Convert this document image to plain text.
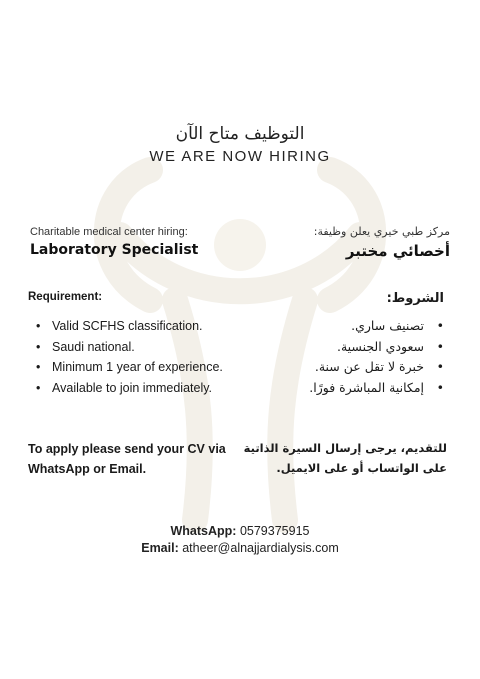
التوظيف متاح الآن
WE ARE NOW HIRING
Charitable medical center hiring:
Laboratory Specialist
مركز طبي خيري يعلن وظيفة:
أخصائي مختبر
Requirement:	الشروط:
• Valid SCFHS classification.
• Saudi national.
• Minimum 1 year of experience.
• Available to join immediately.
• تصنيف ساري.
• سعودي الجنسية.
• خبرة لا تقل عن سنة.
• إمكانية المباشرة فورًا.
To apply please send your CV via
WhatsApp or Email.
للتقديم، يرجى إرسال السيرة الذاتية
على الواتساب أو على الايميل.
WhatsApp: 0579375915
Email: atheer@alnajjardialysis.com
